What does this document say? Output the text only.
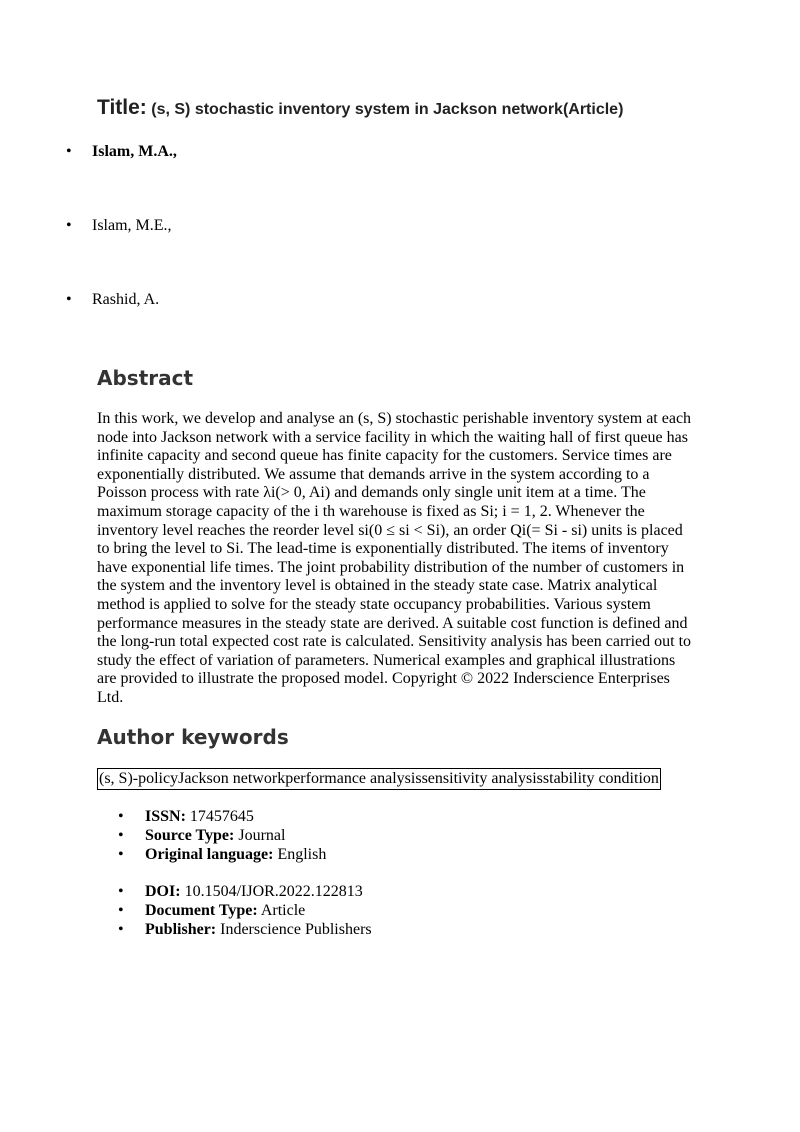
Title: (s, S) stochastic inventory system in Jackson network(Article)
• Islam, M.A.,
• Islam, M.E.,
• Rashid, A.
Abstract
In this work, we develop and analyse an (s, S) stochastic perishable inventory system at each
node into Jackson network with a service facility in which the waiting hall of first queue has
infinite capacity and second queue has finite capacity for the customers. Service times are
exponentially distributed. We assume that demands arrive in the system according to a
Poisson process with rate λi(> 0, Ai) and demands only single unit item at a time. The
maximum storage capacity of the i th warehouse is fixed as Si; i = 1, 2. Whenever the
inventory level reaches the reorder level si(0 ≤ si < Si), an order Qi(= Si - si) units is placed
to bring the level to Si. The lead-time is exponentially distributed. The items of inventory
have exponential life times. The joint probability distribution of the number of customers in
the system and the inventory level is obtained in the steady state case. Matrix analytical
method is applied to solve for the steady state occupancy probabilities. Various system
performance measures in the steady state are derived. A suitable cost function is defined and
the long-run total expected cost rate is calculated. Sensitivity analysis has been carried out to
study the effect of variation of parameters. Numerical examples and graphical illustrations
are provided to illustrate the proposed model. Copyright © 2022 Inderscience Enterprises
Ltd.
Author keywords
(s, S)-policyJackson networkperformance analysissensitivity analysisstability condition
• ISSN: 17457645
• Source Type: Journal
• Original language: English
• DOI: 10.1504/IJOR.2022.122813
• Document Type: Article
• Publisher: Inderscience Publishers
